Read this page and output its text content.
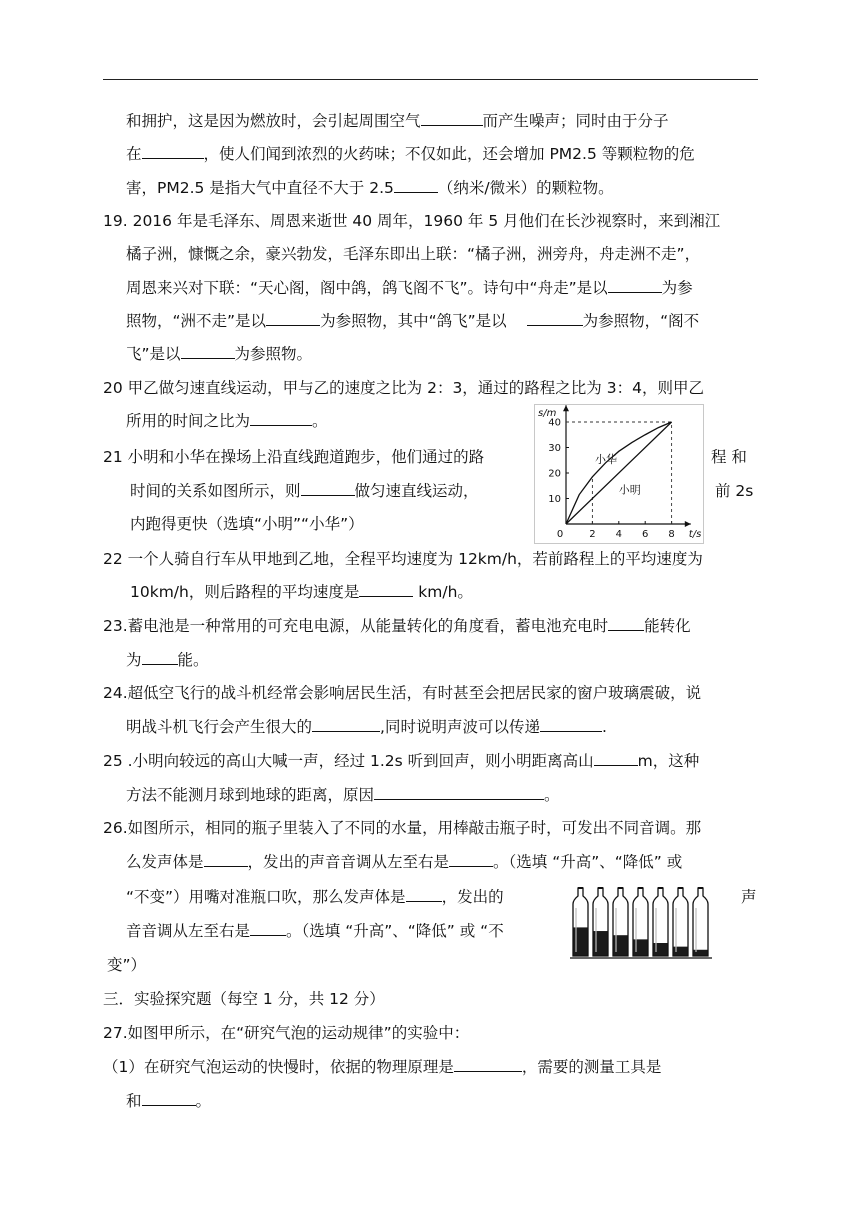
和拥护，这是因为燃放时，会引起周围空气	而产生噪声；同时由于分子
在	，使人们闻到浓烈的火药味；不仅如此，还会增加 PM2.5 等颗粒物的危
害，PM2.5 是指大气中直径不大于 2.5	（纳米/微米）的颗粒物。
19. 2016 年是毛泽东、周恩来逝世 40 周年，1960 年 5 月他们在长沙视察时，来到湘江
橘子洲，慷慨之余，豪兴勃发，毛泽东即出上联：“橘子洲，洲旁舟，舟走洲不走”，
周恩来兴对下联：“天心阁，阁中鸽，鸽飞阁不飞”。诗句中“舟走”是以	为参
照物，“洲不走”是以	为参照物，其中“鸽飞”是以	为参照物，“阁不
飞”是以	为参照物。
20 甲乙做匀速直线运动，甲与乙的速度之比为 2：3，通过的路程之比为 3：4，则甲乙
所用的时间之比为	。
21 小明和小华在操场上沿直线跑道跑步，他们通过的路	程 和
时间的关系如图所示，则	做匀速直线运动，	前 2s
内跑得更快（选填“小明”“小华”）
0	2 4 6 8
10
20
30
40
t/s
s/m
小华
小明
22 一个人骑自行车从甲地到乙地，全程平均速度为 12km/h，若前路程上的平均速度为
10km/h，则后路程的平均速度是	km/h。
23.蓄电池是一种常用的可充电电源，从能量转化的角度看，蓄电池充电时 能转化
为 能。
24.超低空飞行的战斗机经常会影响居民生活，有时甚至会把居民家的窗户玻璃震破，说
明战斗机飞行会产生很大的	,同时说明声波可以传递	.
25 .小明向较远的高山大喊一声，经过 1.2s 听到回声，则小明距离高山	m，这种
方法不能测月球到地球的距离，原因	。
26.如图所示，相同的瓶子里装入了不同的水量，用棒敲击瓶子时，可发出不同音调。那
么发声体是	，发出的声音音调从左至右是	。（选填 “升高”、“降低” 或
“不变”）用嘴对准瓶口吹，那么发声体是 ，发出的	声
音音调从左至右是 。（选填 “升高”、“降低” 或 “不
变”）
三．实验探究题（每空 1 分，共 12 分）
27.如图甲所示，在“研究气泡的运动规律”的实验中：
（1）在研究气泡运动的快慢时，依据的物理原理是	，需要的测量工具是
和	。
